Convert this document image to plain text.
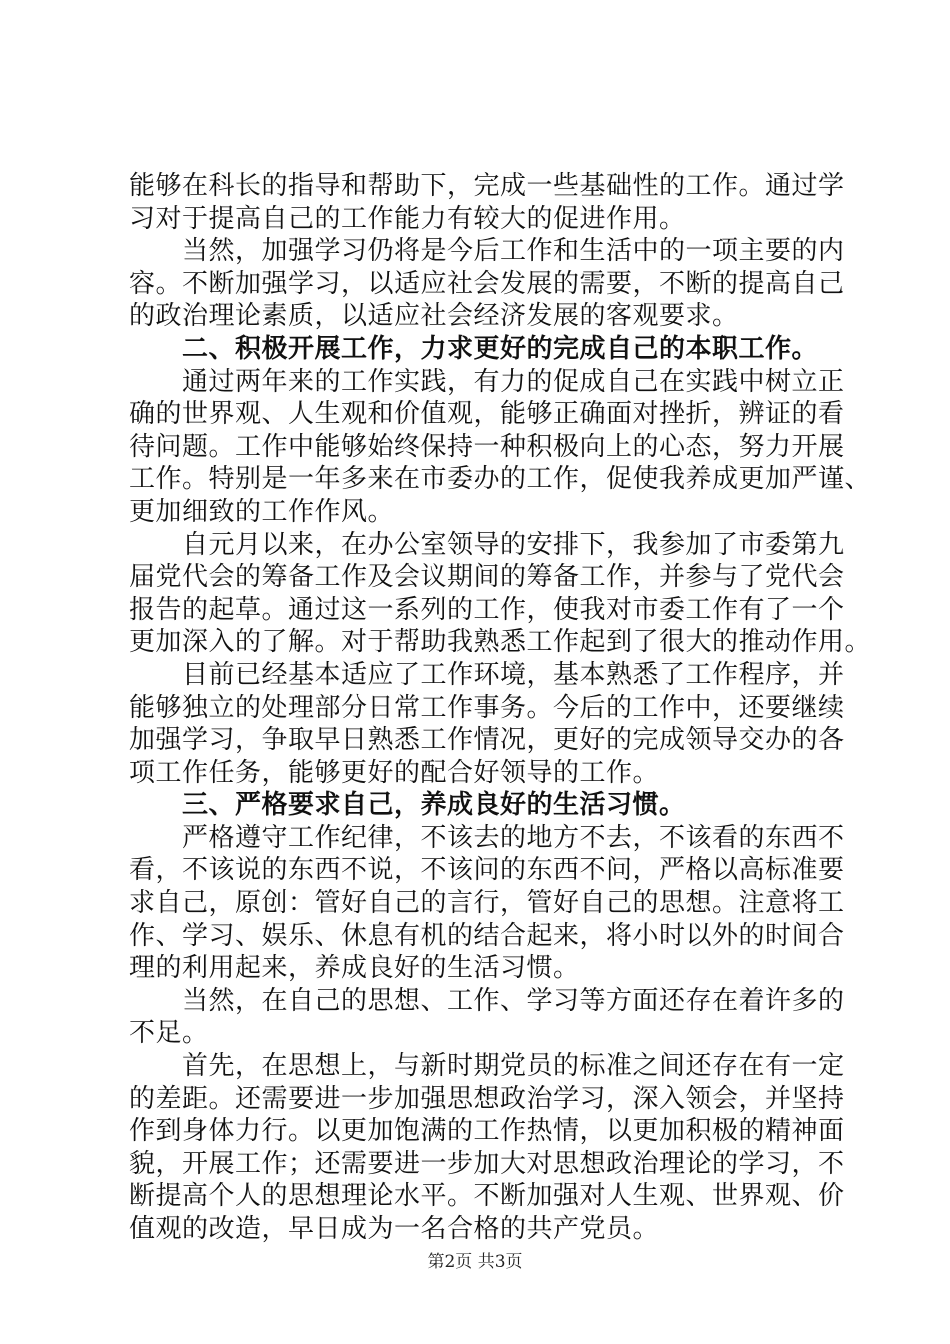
能够在科长的指导和帮助下，完成一些基础性的工作。通过学
习对于提高自己的工作能力有较大的促进作用。
当然，加强学习仍将是今后工作和生活中的一项主要的内
容。不断加强学习，以适应社会发展的需要，不断的提高自己
的政治理论素质，以适应社会经济发展的客观要求。
二、积极开展工作，力求更好的完成自己的本职工作。
通过两年来的工作实践，有力的促成自己在实践中树立正
确的世界观、人生观和价值观，能够正确面对挫折，辨证的看
待问题。工作中能够始终保持一种积极向上的心态，努力开展
工作。特别是一年多来在市委办的工作，促使我养成更加严谨、
更加细致的工作作风。
自元月以来，在办公室领导的安排下，我参加了市委第九
届党代会的筹备工作及会议期间的筹备工作，并参与了党代会
报告的起草。通过这一系列的工作，使我对市委工作有了一个
更加深入的了解。对于帮助我熟悉工作起到了很大的推动作用。
目前已经基本适应了工作环境，基本熟悉了工作程序，并
能够独立的处理部分日常工作事务。今后的工作中，还要继续
加强学习，争取早日熟悉工作情况，更好的完成领导交办的各
项工作任务，能够更好的配合好领导的工作。
三、严格要求自己，养成良好的生活习惯。
严格遵守工作纪律，不该去的地方不去，不该看的东西不
看，不该说的东西不说，不该问的东西不问，严格以高标准要
求自己，原创：管好自己的言行，管好自己的思想。注意将工
作、学习、娱乐、休息有机的结合起来，将小时以外的时间合
理的利用起来，养成良好的生活习惯。
当然，在自己的思想、工作、学习等方面还存在着许多的
不足。
首先，在思想上，与新时期党员的标准之间还存在有一定
的差距。还需要进一步加强思想政治学习，深入领会，并坚持
作到身体力行。以更加饱满的工作热情，以更加积极的精神面
貌，开展工作；还需要进一步加大对思想政治理论的学习，不
断提高个人的思想理论水平。不断加强对人生观、世界观、价
值观的改造，早日成为一名合格的共产党员。
第2页 共3页
